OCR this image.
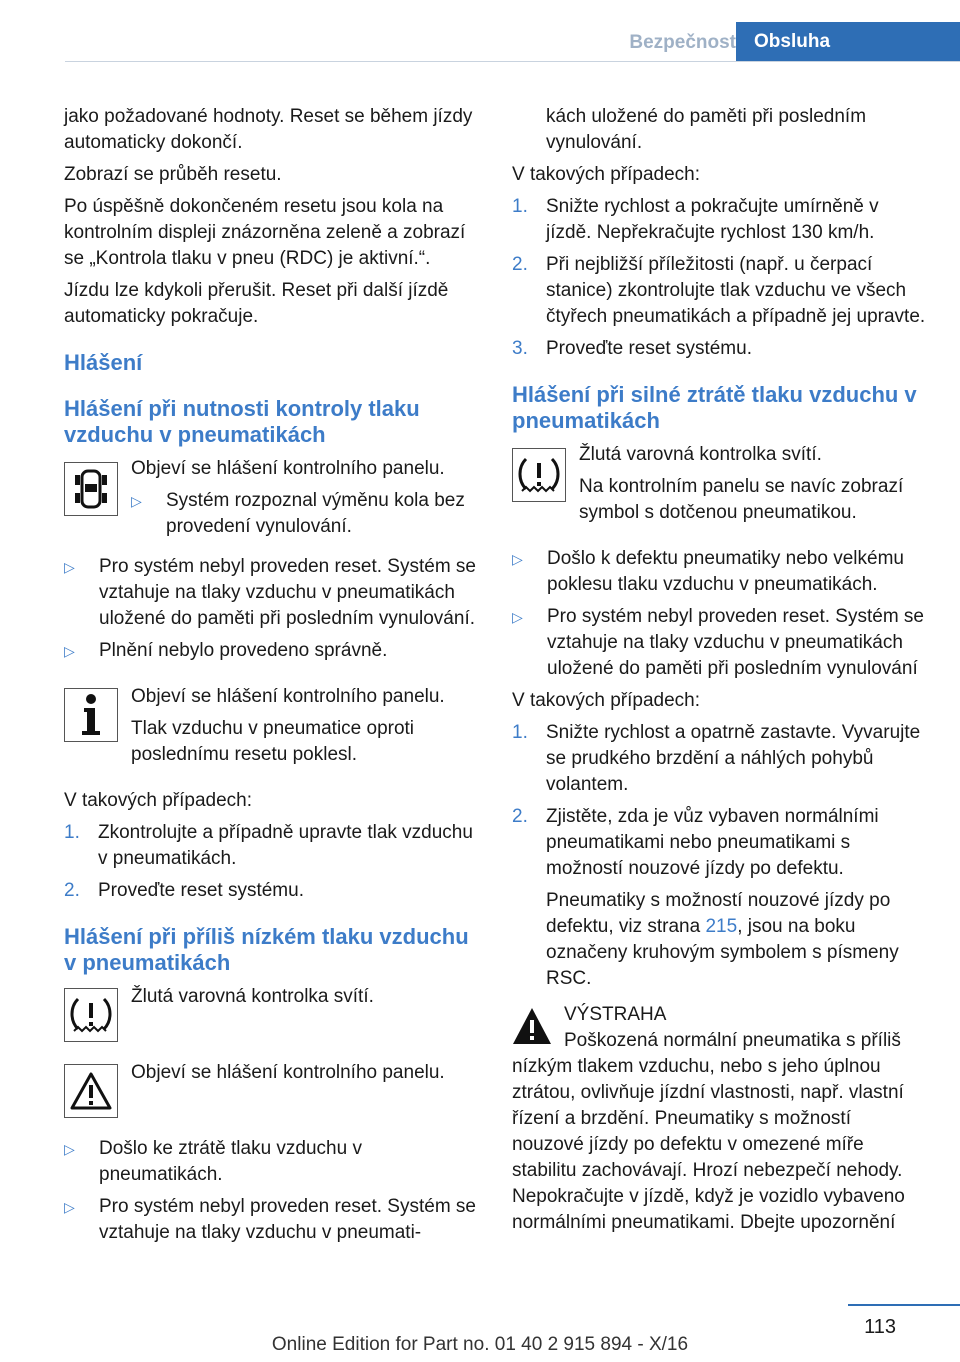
Bezpečnost Obsluha

jako požadované hodnoty. Reset se během jízdy automaticky dokončí.

Zobrazí se průběh resetu.

Po úspěšně dokončeném resetu jsou kola na kontrolním displeji znázorněna zeleně a zobrazí se „Kontrola tlaku v pneu (RDC) je aktivní.“.

Jízdu lze kdykoli přerušit. Reset při další jízdě automaticky pokračuje.

Hlášení
Hlášení při nutnosti kontroly tlaku vzduchu v pneumatikách

Objeví se hlášení kontrolního panelu.

▷ Systém rozpoznal výměnu kola bez provedení vynulování.
▷ Pro systém nebyl proveden reset. Systém se vztahuje na tlaky vzduchu v pneumatikách uložené do paměti při posledním vynulování.
▷ Plnění nebylo provedeno správně.

Objeví se hlášení kontrolního panelu.

Tlak vzduchu v pneumatice oproti poslednímu resetu poklesl.

V takových případech:

1. Zkontrolujte a případně upravte tlak vzduchu v pneumatikách.
2. Proveďte reset systému.
Hlášení při příliš nízkém tlaku vzduchu v pneumatikách

Žlutá varovná kontrolka svítí.

Objeví se hlášení kontrolního panelu.

▷ Došlo ke ztrátě tlaku vzduchu v pneumatikách.
▷ Pro systém nebyl proveden reset. Systém se vztahuje na tlaky vzduchu v pneumati-

kách uložené do paměti při posledním vynulování.

V takových případech:

1. Snižte rychlost a pokračujte umírněně v jízdě. Nepřekračujte rychlost 130 km/h.
2. Při nejbližší příležitosti (např. u čerpací stanice) zkontrolujte tlak vzduchu ve všech čtyřech pneumatikách a případně jej upravte.
3. Proveďte reset systému.
Hlášení při silné ztrátě tlaku vzduchu v pneumatikách

Žlutá varovná kontrolka svítí.

Na kontrolním panelu se navíc zobrazí symbol s dotčenou pneumatikou.

▷ Došlo k defektu pneumatiky nebo velkému poklesu tlaku vzduchu v pneumatikách.
▷ Pro systém nebyl proveden reset. Systém se vztahuje na tlaky vzduchu v pneumatikách uložené do paměti při posledním vynulování

V takových případech:

1. Snižte rychlost a opatrně zastavte. Vyvarujte se prudkého brzdění a náhlých pohybů volantem.
2. Zjistěte, zda je vůz vybaven normálními pneumatikami nebo pneumatikami s možností nouzové jízdy po defektu.
Pneumatiky s možností nouzové jízdy po defektu, viz strana 215, jsou na boku označeny kruhovým symbolem s písmeny RSC.

VÝSTRAHA

Poškozená normální pneumatika s příliš

nízkým tlakem vzduchu, nebo s jeho úplnou ztrátou, ovlivňuje jízdní vlastnosti, např. vlastní řízení a brzdění. Pneumatiky s možností nouzové jízdy po defektu v omezené míře stabilitu zachovávají. Hrozí nebezpečí nehody. Nepokračujte v jízdě, když je vozidlo vybaveno normálními pneumatikami. Dbejte upozornění

113
Online Edition for Part no. 01 40 2 915 894 - X/16
